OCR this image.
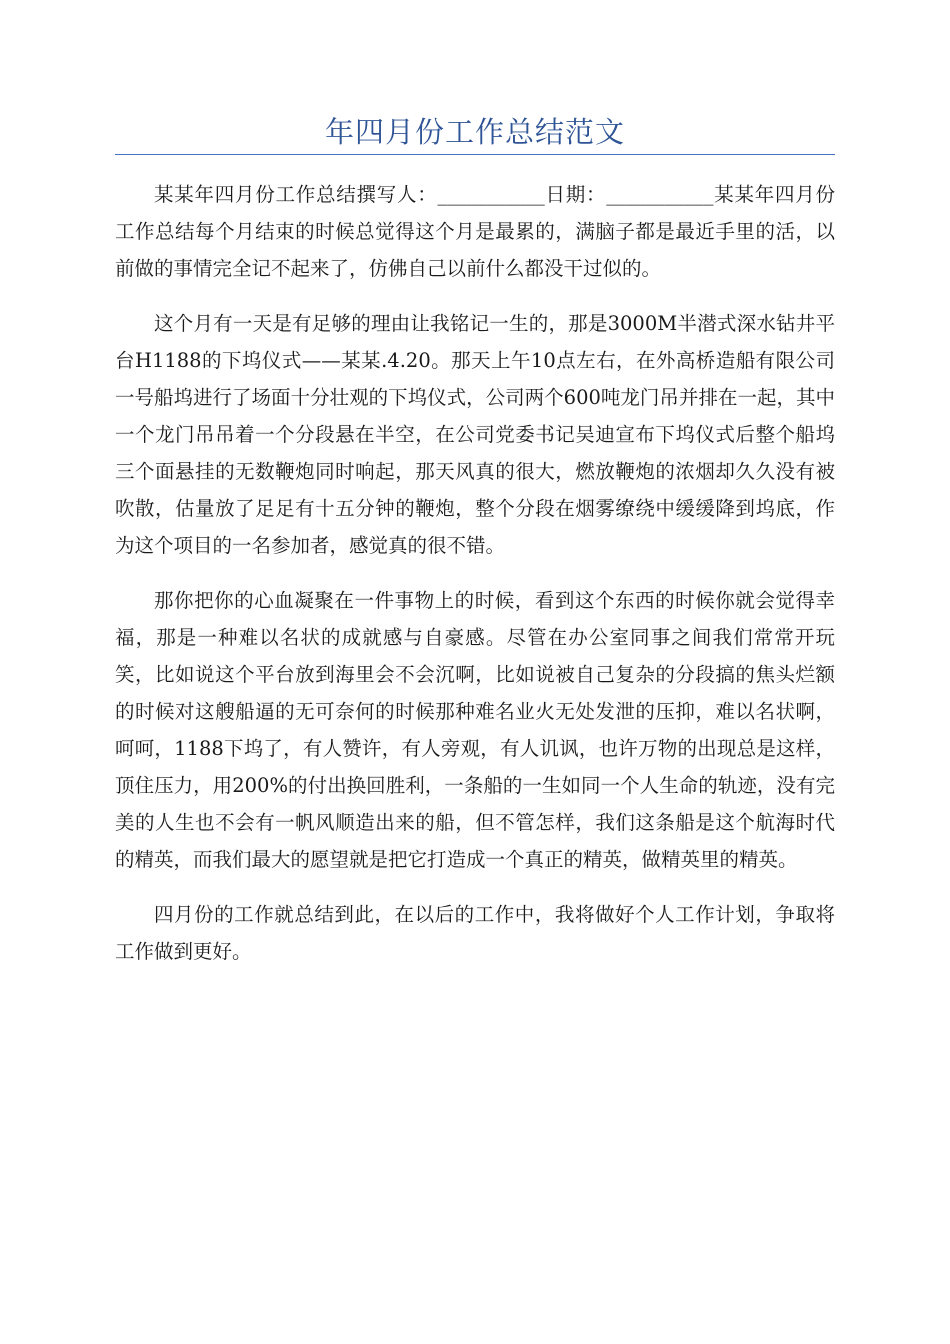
年四月份工作总结范文

某某年四月份工作总结撰写人：___________日期：___________某某年四月份工作总结每个月结束的时候总觉得这个月是最累的，满脑子都是最近手里的活，以前做的事情完全记不起来了，仿佛自己以前什么都没干过似的。

这个月有一天是有足够的理由让我铭记一生的，那是3000M半潜式深水钻井平台H1188的下坞仪式——某某.4.20。那天上午10点左右，在外高桥造船有限公司一号船坞进行了场面十分壮观的下坞仪式，公司两个600吨龙门吊并排在一起，其中一个龙门吊吊着一个分段悬在半空，在公司党委书记吴迪宣布下坞仪式后整个船坞三个面悬挂的无数鞭炮同时响起，那天风真的很大，燃放鞭炮的浓烟却久久没有被吹散，估量放了足足有十五分钟的鞭炮，整个分段在烟雾缭绕中缓缓降到坞底，作为这个项目的一名参加者，感觉真的很不错。

那你把你的心血凝聚在一件事物上的时候，看到这个东西的时候你就会觉得幸福，那是一种难以名状的成就感与自豪感。尽管在办公室同事之间我们常常开玩笑，比如说这个平台放到海里会不会沉啊，比如说被自己复杂的分段搞的焦头烂额的时候对这艘船逼的无可奈何的时候那种难名业火无处发泄的压抑，难以名状啊，呵呵，1188下坞了，有人赞许，有人旁观，有人讥讽，也许万物的出现总是这样，顶住压力，用200%的付出换回胜利，一条船的一生如同一个人生命的轨迹，没有完美的人生也不会有一帆风顺造出来的船，但不管怎样，我们这条船是这个航海时代的精英，而我们最大的愿望就是把它打造成一个真正的精英，做精英里的精英。

四月份的工作就总结到此，在以后的工作中，我将做好个人工作计划，争取将工作做到更好。
